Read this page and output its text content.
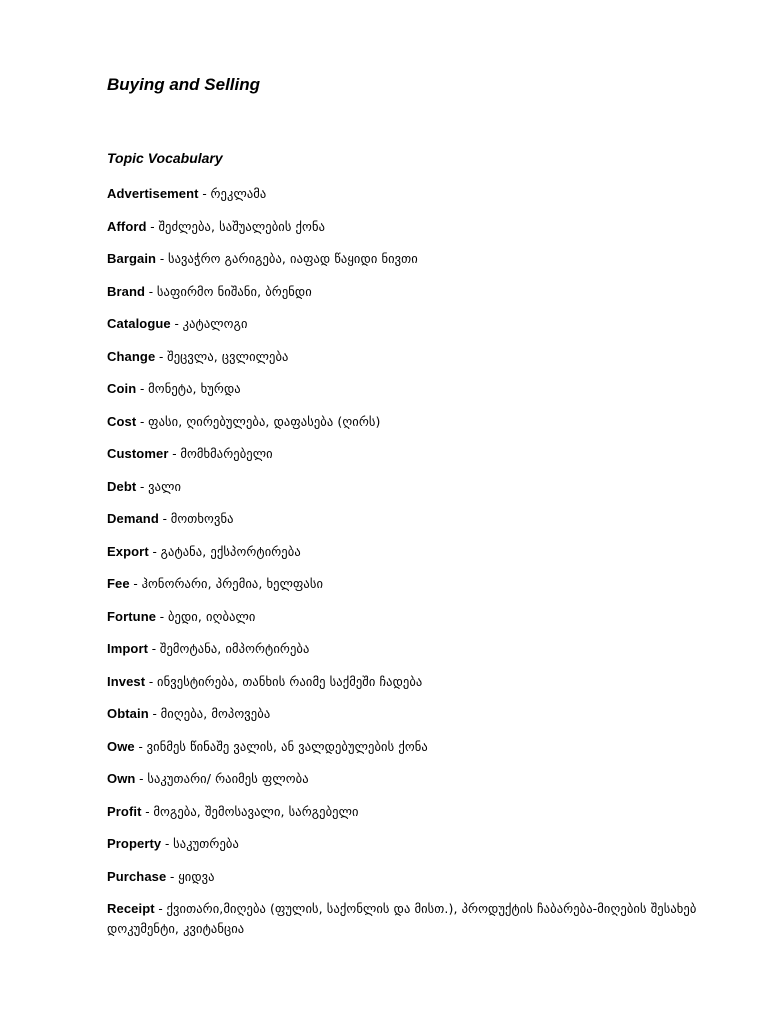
Buying and Selling
Topic Vocabulary
Advertisement - რეკლამა
Afford - შეძლება, საშუალების ქონა
Bargain - სავაჭრო გარიგება, იაფად წაყიდი ნივთი
Brand - საფირმო ნიშანი, ბრენდი
Catalogue - კატალოგი
Change - შეცვლა, ცვლილება
Coin - მონეტა, ხურდა
Cost - ფასი, ღირებულება, დაფასება (ღირს)
Customer - მომხმარებელი
Debt - ვალი
Demand - მოთხოვნა
Export - გატანა, ექსპორტირება
Fee - ჰონორარი, პრემია, ხელფასი
Fortune - ბედი, იღბალი
Import - შემოტანა, იმპორტირება
Invest - ინვესტირება, თანხის რაიმე საქმეში ჩადება
Obtain - მიღება, მოპოვება
Owe - ვინმეს წინაშე ვალის, ან ვალდებულების ქონა
Own - საკუთარი/ რაიმეს ფლობა
Profit - მოგება, შემოსავალი, სარგებელი
Property - საკუთრება
Purchase - ყიდვა
Receipt - ქვითარი,მიღება (ფულის, საქონლის და მისთ.), პროდუქტის ჩაბარება-მიღების შესახებ დოკუმენტი, კვიტანცია
